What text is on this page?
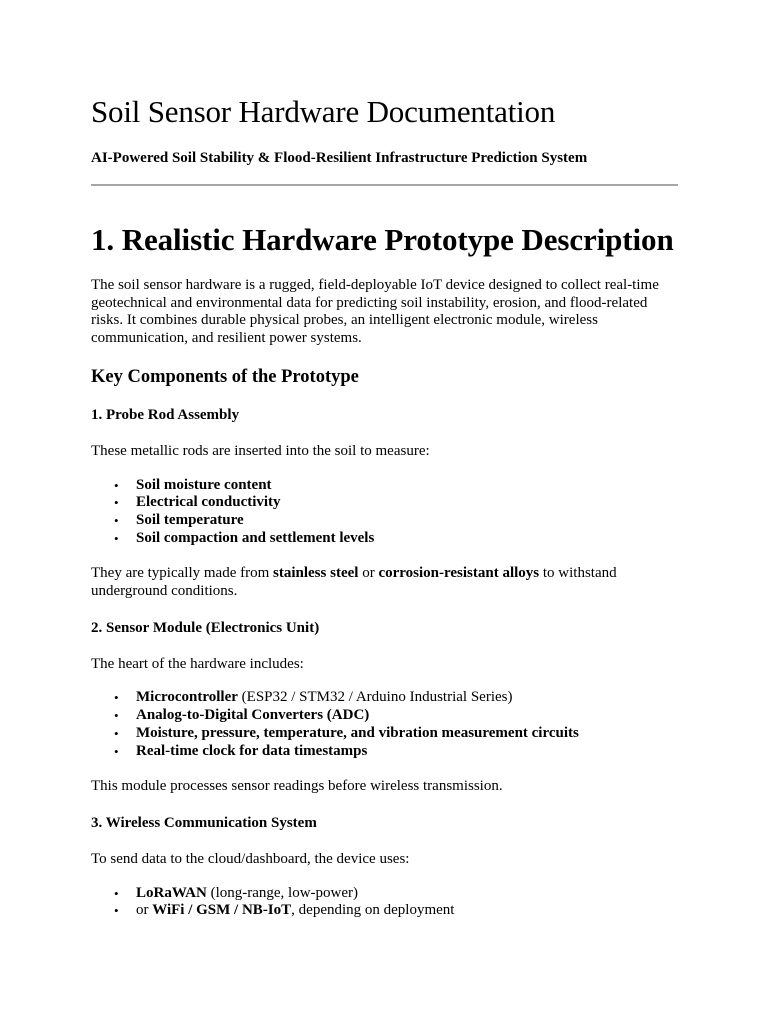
Soil Sensor Hardware Documentation

AI-Powered Soil Stability & Flood-Resilient Infrastructure Prediction System

1. Realistic Hardware Prototype Description

The soil sensor hardware is a rugged, field-deployable IoT device designed to collect real-time geotechnical and environmental data for predicting soil instability, erosion, and flood-related risks. It combines durable physical probes, an intelligent electronic module, wireless communication, and resilient power systems.

Key Components of the Prototype
1. Probe Rod Assembly

These metallic rods are inserted into the soil to measure:

• Soil moisture content
• Electrical conductivity
• Soil temperature
• Soil compaction and settlement levels

They are typically made from stainless steel or corrosion-resistant alloys to withstand underground conditions.

2. Sensor Module (Electronics Unit)

The heart of the hardware includes:

• Microcontroller (ESP32 / STM32 / Arduino Industrial Series)
• Analog-to-Digital Converters (ADC)
• Moisture, pressure, temperature, and vibration measurement circuits
• Real-time clock for data timestamps

This module processes sensor readings before wireless transmission.

3. Wireless Communication System

To send data to the cloud/dashboard, the device uses:

• LoRaWAN (long-range, low-power)
• or WiFi / GSM / NB-IoT, depending on deployment
